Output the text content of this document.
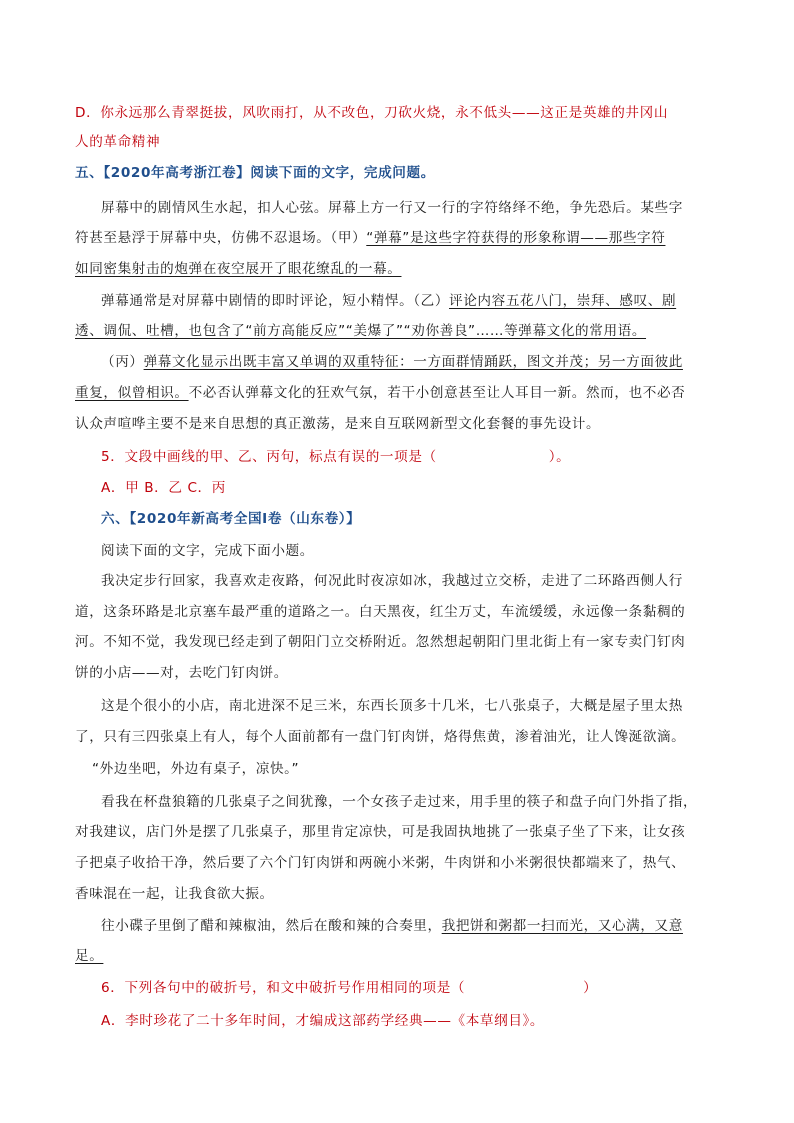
D．你永远那么青翠挺拔，风吹雨打，从不改色，刀砍火烧，永不低头——这正是英雄的井冈山
人的革命精神
五、【2020年高考浙江卷】阅读下面的文字，完成问题。
屏幕中的剧情风生水起，扣人心弦。屏幕上方一行又一行的字符络绎不绝，争先恐后。某些字
符甚至悬浮于屏幕中央，仿佛不忍退场。（甲）“弹幕”是这些字符获得的形象称谓——那些字符
如同密集射击的炮弹在夜空展开了眼花缭乱的一幕。
弹幕通常是对屏幕中剧情的即时评论，短小精悍。（乙）评论内容五花八门，崇拜、感叹、剧
透、调侃、吐槽，也包含了“前方高能反应”“美爆了”“劝你善良”……等弹幕文化的常用语。
（丙）弹幕文化显示出既丰富又单调的双重特征：一方面群情踊跃，图文并茂；另一方面彼此
重复，似曾相识。不必否认弹幕文化的狂欢气氛，若干小创意甚至让人耳目一新。然而，也不必否
认众声喧哗主要不是来自思想的真正激荡，是来自互联网新型文化套餐的事先设计。
5．文段中画线的甲、乙、丙句，标点有误的一项是（	）。
A．甲 B．乙 C．丙
六、【2020年新高考全国Ⅰ卷（山东卷）】
阅读下面的文字，完成下面小题。
我决定步行回家，我喜欢走夜路，何况此时夜凉如冰，我越过立交桥，走进了二环路西侧人行
道，这条环路是北京塞车最严重的道路之一。白天黑夜，红尘万丈，车流缓缓，永远像一条黏稠的
河。不知不觉，我发现已经走到了朝阳门立交桥附近。忽然想起朝阳门里北街上有一家专卖门钉肉
饼的小店——对，去吃门钉肉饼。
这是个很小的小店，南北进深不足三米，东西长顶多十几米，七八张桌子，大概是屋子里太热
了，只有三四张桌上有人，每个人面前都有一盘门钉肉饼，烙得焦黄，渗着油光，让人馋涎欲滴。
“外边坐吧，外边有桌子，凉快。”
看我在杯盘狼籍的几张桌子之间犹豫，一个女孩子走过来，用手里的筷子和盘子向门外指了指，
对我建议，店门外是摆了几张桌子，那里肯定凉快，可是我固执地挑了一张桌子坐了下来，让女孩
子把桌子收拾干净，然后要了六个门钉肉饼和两碗小米粥，牛肉饼和小米粥很快都端来了，热气、
香味混在一起，让我食欲大振。
往小碟子里倒了醋和辣椒油，然后在酸和辣的合奏里，我把饼和粥都一扫而光，又心满，又意
足。
6．下列各句中的破折号，和文中破折号作用相同的项是（	）
A．李时珍花了二十多年时间，才编成这部药学经典——《本草纲目》。
